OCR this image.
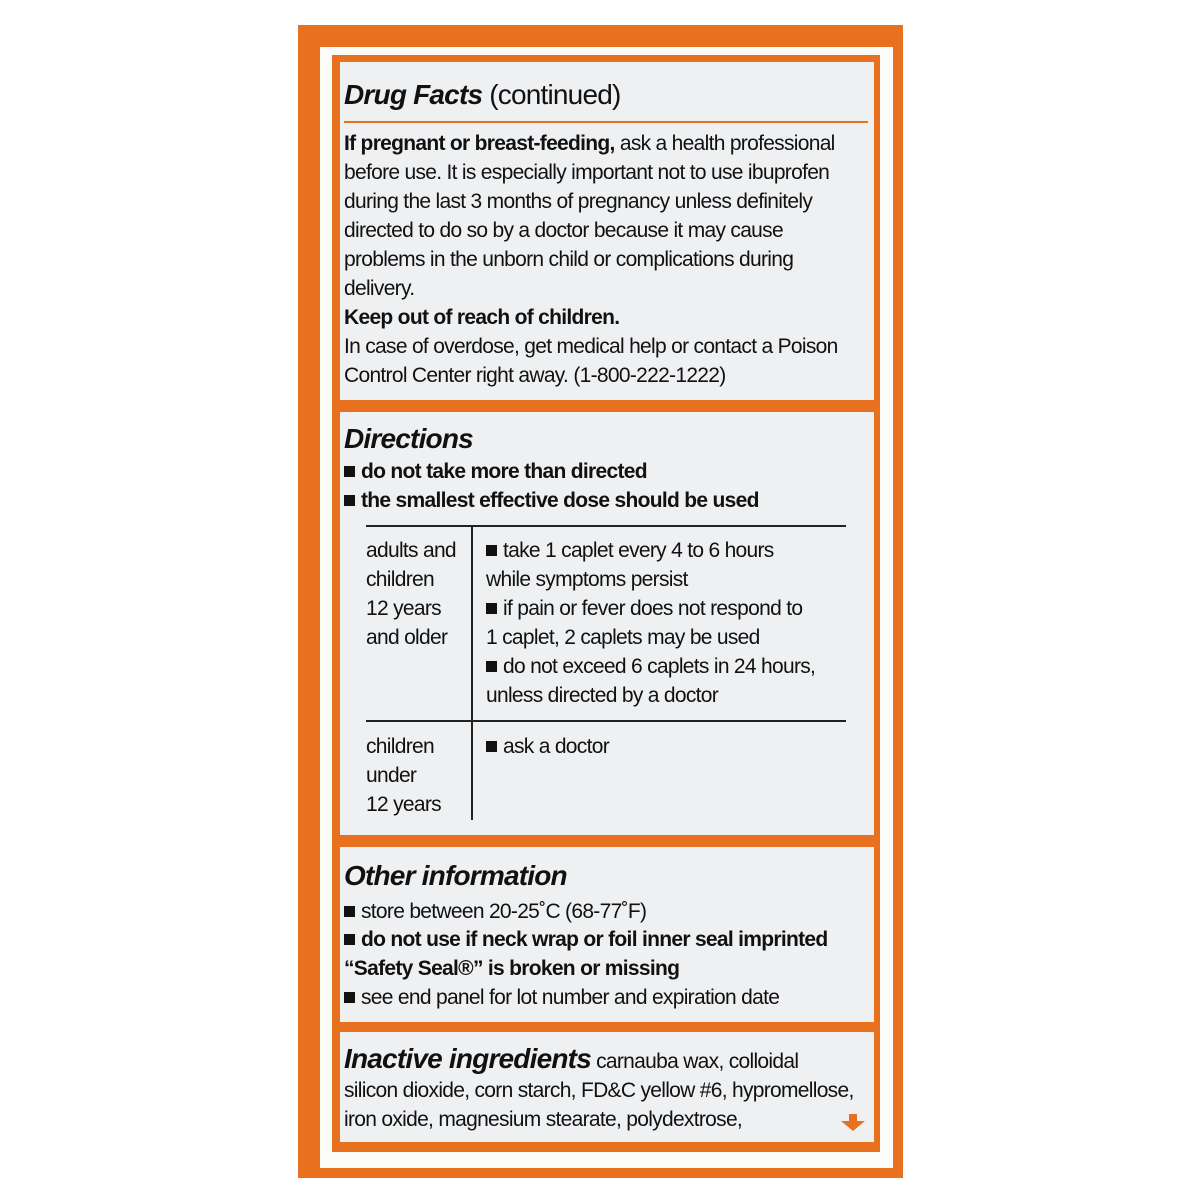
Drug Facts (continued)
If pregnant or breast-feeding, ask a health professional
before use. It is especially important not to use ibuprofen
during the last 3 months of pregnancy unless definitely
directed to do so by a doctor because it may cause
problems in the unborn child or complications during
delivery.
Keep out of reach of children.
In case of overdose, get medical help or contact a Poison
Control Center right away. (1-800-222-1222)
Directions
do not take more than directed
the smallest effective dose should be used
adults and
children
12 years
and older
take 1 caplet every 4 to 6 hours
while symptoms persist
if pain or fever does not respond to
1 caplet, 2 caplets may be used
do not exceed 6 caplets in 24 hours,
unless directed by a doctor
children
under
12 years
ask a doctor
Other information
store between 20-25˚C (68-77˚F)
do not use if neck wrap or foil inner seal imprinted
“Safety Seal®” is broken or missing
see end panel for lot number and expiration date
Inactive ingredients carnauba wax, colloidal
silicon dioxide, corn starch, FD&C yellow #6, hypromellose,
iron oxide, magnesium stearate, polydextrose,
